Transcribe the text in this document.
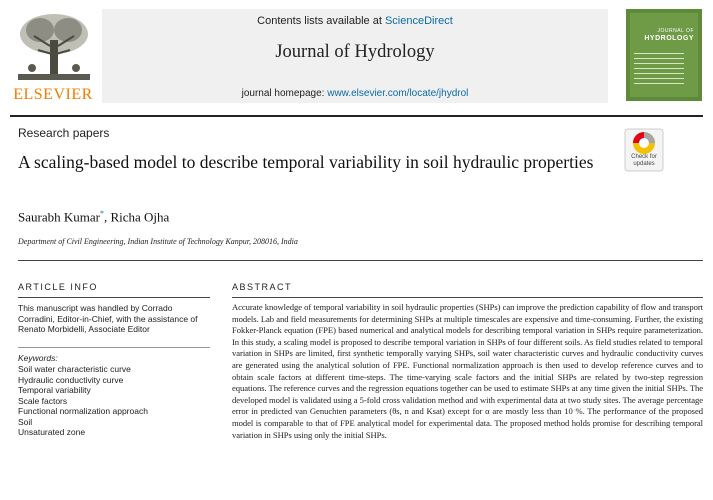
ELSEVIER
Contents lists available at ScienceDirect
Journal of Hydrology
journal homepage: www.elsevier.com/locate/jhydrol
JOURNAL OF
HYDROLOGY
Research papers
A scaling-based model to describe temporal variability in soil hydraulic properties
Saurabh Kumar*, Richa Ojha
Department of Civil Engineering, Indian Institute of Technology Kanpur, 208016, India
Check for updates
ARTICLE INFO
This manuscript was handled by Corrado Corradini, Editor-in-Chief, with the assistance of Renato Morbidelli, Associate Editor
Keywords:
Soil water characteristic curve
Hydraulic conductivity curve
Temporal variability
Scale factors
Functional normalization approach
Soil
Unsaturated zone
ABSTRACT
Accurate knowledge of temporal variability in soil hydraulic properties (SHPs) can improve the prediction capability of flow and transport models. Lab and field measurements for determining SHPs at multiple timescales are expensive and time-consuming. Further, the existing Fokker-Planck equation (FPE) based numerical and analytical models for describing temporal variation in SHPs require parameterization. In this study, a scaling model is proposed to describe temporal variation in SHPs of four different soils. As field studies related to temporal variation in SHPs are limited, first synthetic temporally varying SHPs, soil water characteristic curves and hydraulic conductivity curves are generated using the analytical solution of FPE. Functional normalization approach is then used to develop reference curves and to obtain scale factors at different time-steps. The time-varying scale factors and the initial SHPs are related by two-step regression equations. The reference curves and the regression equations together can be used to estimate SHPs at any time given the initial SHPs. The developed model is validated using a 5-fold cross validation method and with experimental data at two study sites. The average percentage error in predicted van Genuchten parameters (θs, n and Ksat) except for α are mostly less than 10 %. The performance of the proposed model is comparable to that of FPE analytical model for experimental data. The proposed method holds promise for describing temporal variation in SHPs using only the initial SHPs.
